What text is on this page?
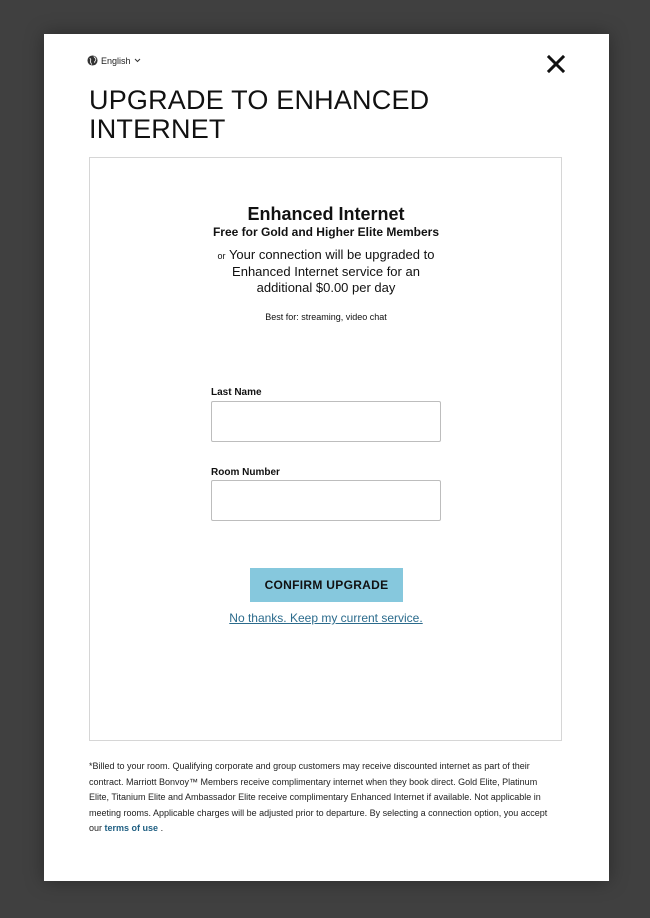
English
UPGRADE TO ENHANCED INTERNET
Enhanced Internet
Free for Gold and Higher Elite Members
or Your connection will be upgraded to Enhanced Internet service for an additional $0.00 per day
Best for: streaming, video chat
Last Name
Room Number
CONFIRM UPGRADE
No thanks. Keep my current service.
*Billed to your room. Qualifying corporate and group customers may receive discounted internet as part of their contract. Marriott Bonvoy™ Members receive complimentary internet when they book direct. Gold Elite, Platinum Elite, Titanium Elite and Ambassador Elite receive complimentary Enhanced Internet if available. Not applicable in meeting rooms. Applicable charges will be adjusted prior to departure. By selecting a connection option, you accept our terms of use .
